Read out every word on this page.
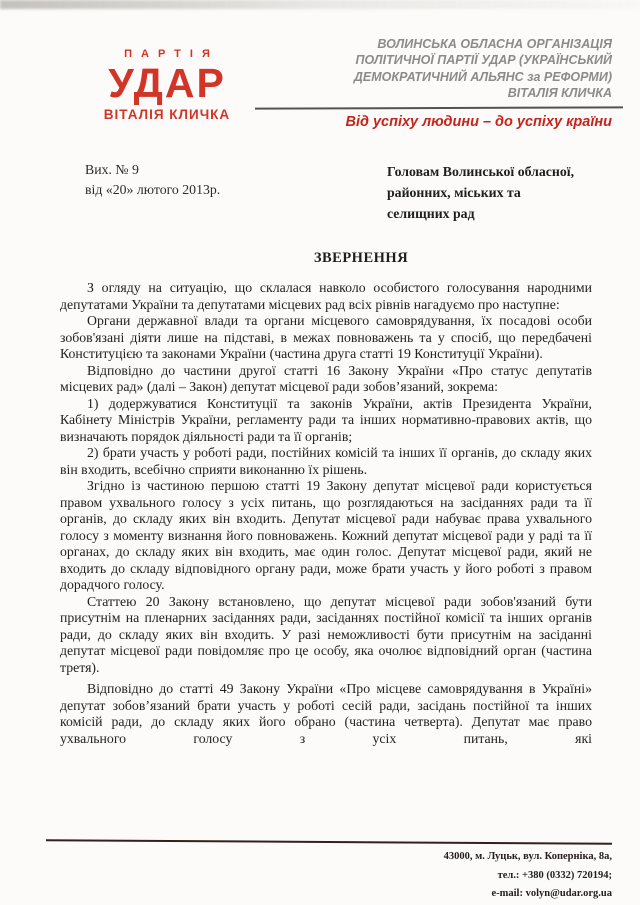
ПАРТІЯ
УДАР
ВІТАЛІЯ КЛИЧКА
ВОЛИНСЬКА ОБЛАСНА ОРГАНІЗАЦІЯ
ПОЛІТИЧНОЇ ПАРТІЇ УДАР (УКРАЇНСЬКИЙ
ДЕМОКРАТИЧНИЙ АЛЬЯНС за РЕФОРМИ)
ВІТАЛІЯ КЛИЧКА
Від успіху людини – до успіху країни
Вих. № 9
від «20» лютого 2013р.
Головам Волинської обласної,
районних, міських та
селищних рад
ЗВЕРНЕННЯ

З огляду на ситуацію, що склалася навколо особистого голосування народними депутатами України та депутатами місцевих рад всіх рівнів нагадуємо про наступне:

Органи державної влади та органи місцевого самоврядування, їх посадові особи зобов'язані діяти лише на підставі, в межах повноважень та у спосіб, що передбачені Конституцією та законами України (частина друга статті 19 Конституції України).

Відповідно до частини другої статті 16 Закону України «Про статус депутатів місцевих рад» (далі – Закон) депутат місцевої ради зобов’язаний, зокрема:

1) додержуватися Конституції та законів України, актів Президента України, Кабінету Міністрів України, регламенту ради та інших нормативно-правових актів, що визначають порядок діяльності ради та її органів;

2) брати участь у роботі ради, постійних комісій та інших її органів, до складу яких він входить, всебічно сприяти виконанню їх рішень.

Згідно із частиною першою статті 19 Закону депутат місцевої ради користується правом ухвального голосу з усіх питань, що розглядаються на засіданнях ради та її органів, до складу яких він входить. Депутат місцевої ради набуває права ухвального голосу з моменту визнання його повноважень. Кожний депутат місцевої ради у раді та її органах, до складу яких він входить, має один голос. Депутат місцевої ради, який не входить до складу відповідного органу ради, може брати участь у його роботі з правом дорадчого голосу.

Статтею 20 Закону встановлено, що депутат місцевої ради зобов'язаний бути присутнім на пленарних засіданнях ради, засіданнях постійної комісії та інших органів ради, до складу яких він входить. У разі неможливості бути присутнім на засіданні депутат місцевої ради повідомляє про це особу, яка очолює відповідний орган (частина третя).

Відповідно до статті 49 Закону України «Про місцеве самоврядування в Україні» депутат зобов’язаний брати участь у роботі сесій ради, засідань постійної та інших комісій ради, до складу яких його обрано (частина четверта). Депутат має право ухвального голосу з усіх питань, які

43000, м. Луцьк, вул. Коперніка, 8а,
тел.: +380 (0332) 720194;
e-mail: volyn@udar.org.ua
